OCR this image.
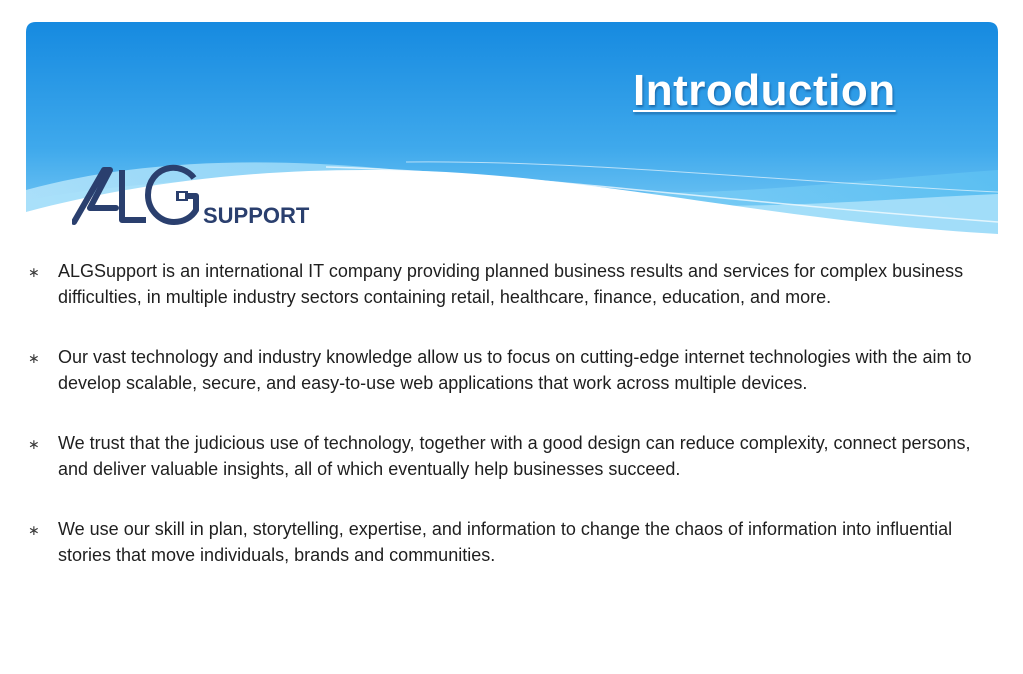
Introduction
SUPPORT
∗ ALGSupport is an international IT company providing planned business results and services for complex business difficulties, in multiple industry sectors containing retail, healthcare, finance, education, and more.
∗ Our vast technology and industry knowledge allow us to focus on cutting-edge internet technologies with the aim to develop scalable, secure, and easy-to-use web applications that work across multiple devices.
∗ We trust that the judicious use of technology, together with a good design can reduce complexity, connect persons, and deliver valuable insights, all of which eventually help businesses succeed.
∗ We use our skill in plan, storytelling, expertise, and information to change the chaos of information into influential stories that move individuals, brands and communities.
